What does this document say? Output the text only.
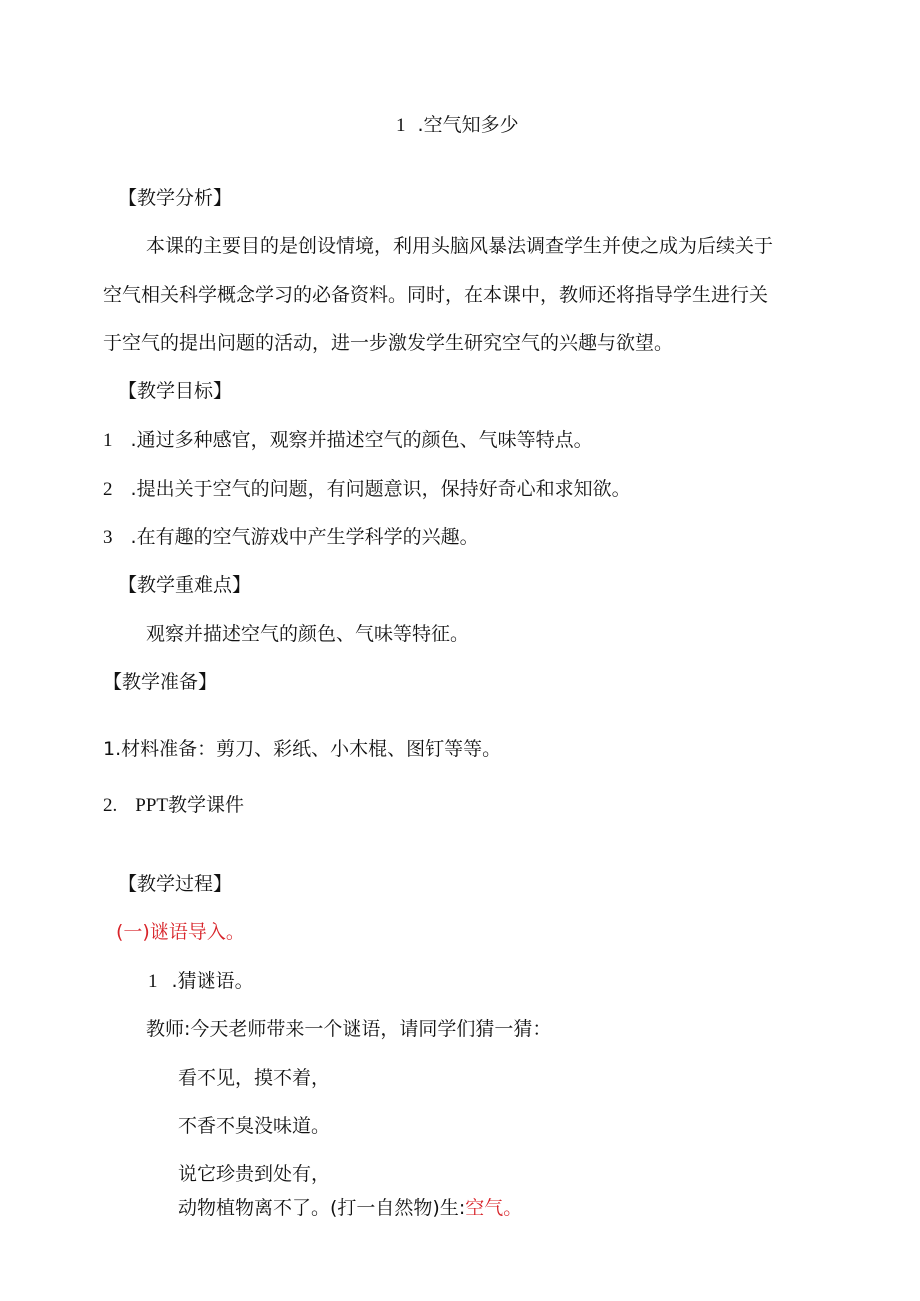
1 .空气知多少
【教学分析】
本课的主要目的是创设情境，利用头脑风暴法调查学生并使之成为后续关于
空气相关科学概念学习的必备资料。同时，在本课中，教师还将指导学生进行关
于空气的提出问题的活动，进一步激发学生研究空气的兴趣与欲望。
【教学目标】
1 .通过多种感官，观察并描述空气的颜色、气味等特点。
2 .提出关于空气的问题，有问题意识，保持好奇心和求知欲。
3 .在有趣的空气游戏中产生学科学的兴趣。
【教学重难点】
观察并描述空气的颜色、气味等特征。
【教学准备】
1.材料准备：剪刀、彩纸、小木棍、图钉等等。
2. PPT教学课件
【教学过程】
(一)谜语导入。
1 .猜谜语。
教师:今天老师带来一个谜语，请同学们猜一猜：
看不见，摸不着，
不香不臭没味道。
说它珍贵到处有，
动物植物离不了。(打一自然物)生:空气。
